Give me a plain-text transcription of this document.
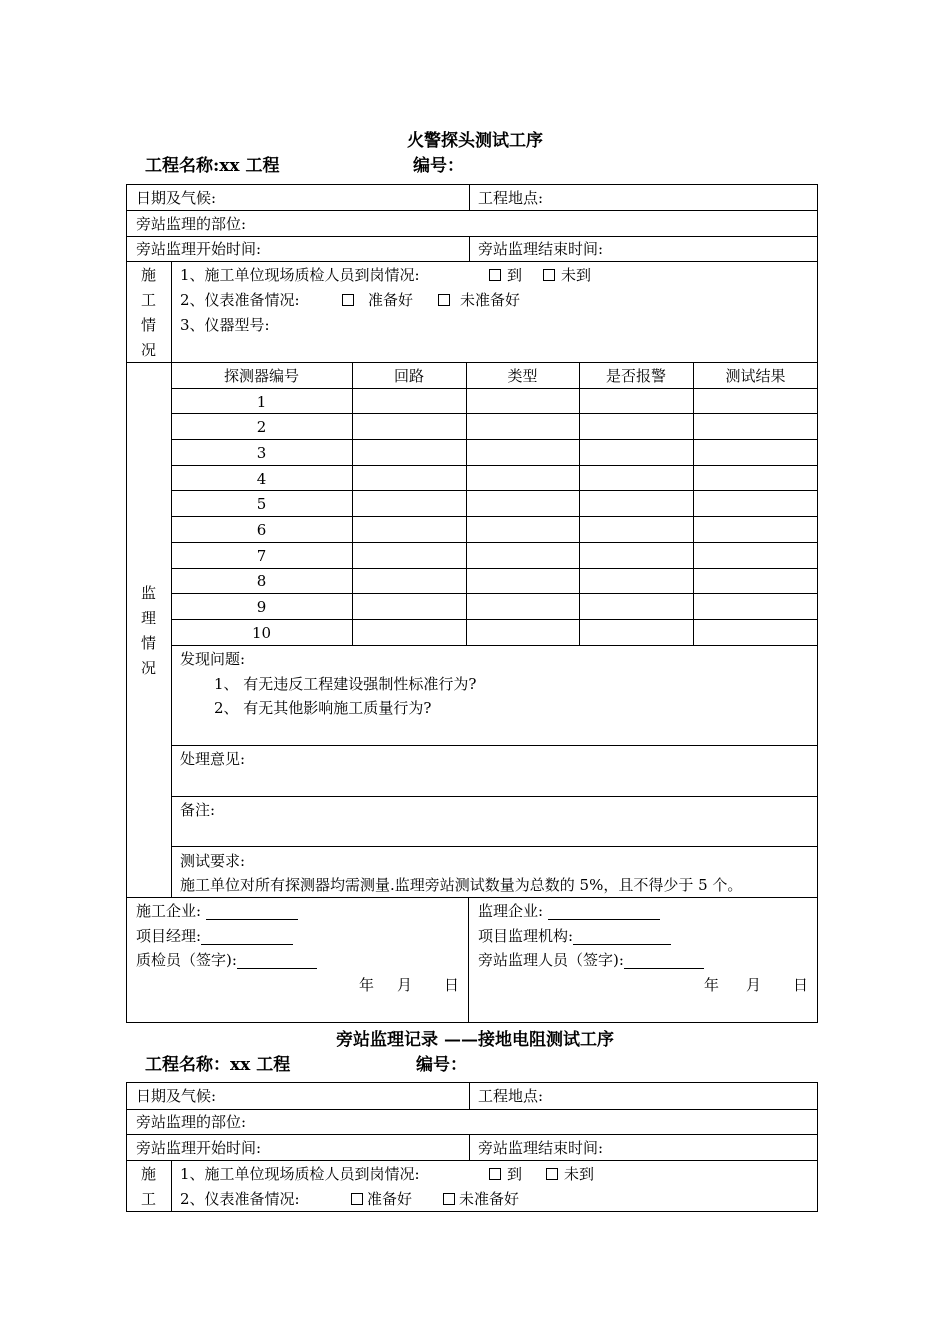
火警探头测试工序
工程名称:xx 工程	编号：
日期及气候:	工程地点:
旁站监理的部位:
旁站监理开始时间:	旁站监理结束时间:
施
工
情
况
1、施工单位现场质检人员到岗情况:	到	未到
2、仪表准备情况:	准备好	未准备好
3、仪器型号:
监
理
情
况
探测器编号	回路	类型	是否报警	测试结果
1
2
3
4
5
6
7
8
9
10
发现问题:
1、 有无违反工程建设强制性标准行为?
2、 有无其他影响施工质量行为?
处理意见:
备注:
测试要求:
施工单位对所有探测器均需测量.监理旁站测试数量为总数的 5%，且不得少于 5 个。
施工企业:
项目经理:
质检员（签字):
年 月 日
监理企业:
项目监理机构:
旁站监理人员（签字):
年 月 日
旁站监理记录 ——接地电阻测试工序
工程名称：xx 工程	编号：
日期及气候:	工程地点:
旁站监理的部位:
旁站监理开始时间:	旁站监理结束时间:
施
工
1、施工单位现场质检人员到岗情况:	到	未到
2、仪表准备情况:	准备好	未准备好
